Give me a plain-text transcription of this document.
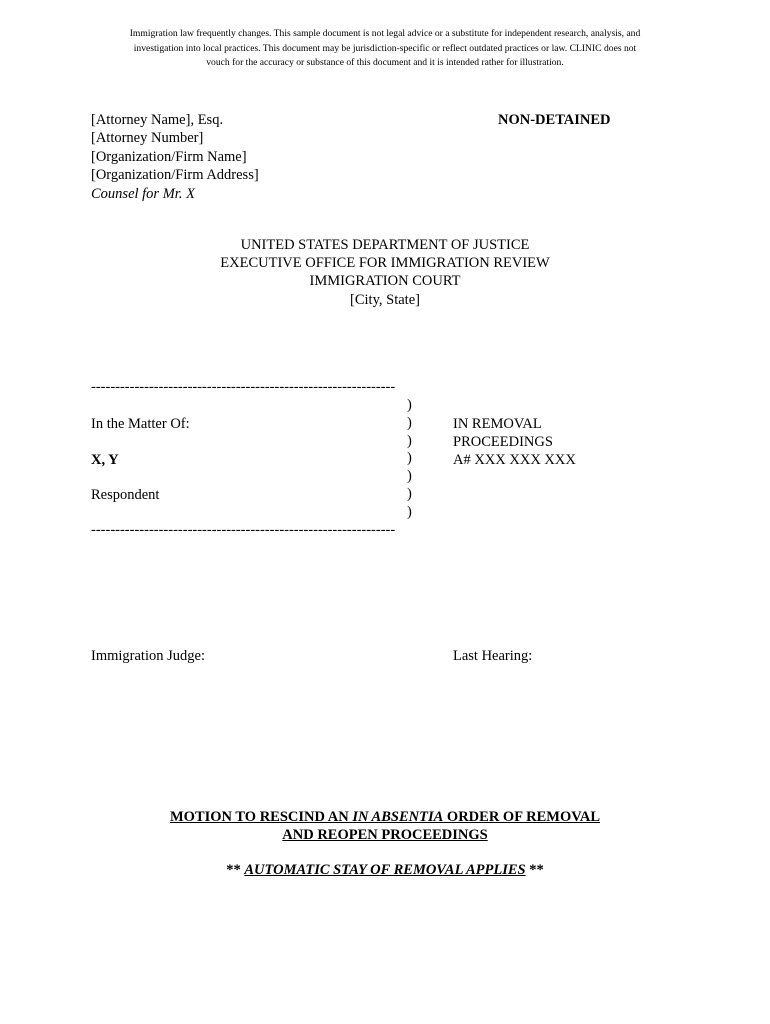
Immigration law frequently changes. This sample document is not legal advice or a substitute for independent research, analysis, and
investigation into local practices. This document may be jurisdiction-specific or reflect outdated practices or law. CLINIC does not
vouch for the accuracy or substance of this document and it is intended rather for illustration.
[Attorney Name], Esq.
[Attorney Number]
[Organization/Firm Name]
[Organization/Firm Address]
Counsel for Mr. X
NON-DETAINED
UNITED STATES DEPARTMENT OF JUSTICE
EXECUTIVE OFFICE FOR IMMIGRATION REVIEW
IMMIGRATION COURT
[City, State]
---------------------------------------------------------------
)
)
)
)
)
)
)
In the Matter Of:
X, Y
Respondent
IN REMOVAL
PROCEEDINGS
A# XXX XXX XXX
---------------------------------------------------------------
Immigration Judge:	Last Hearing:
MOTION TO RESCIND AN IN ABSENTIA ORDER OF REMOVAL
AND REOPEN PROCEEDINGS
** AUTOMATIC STAY OF REMOVAL APPLIES **
